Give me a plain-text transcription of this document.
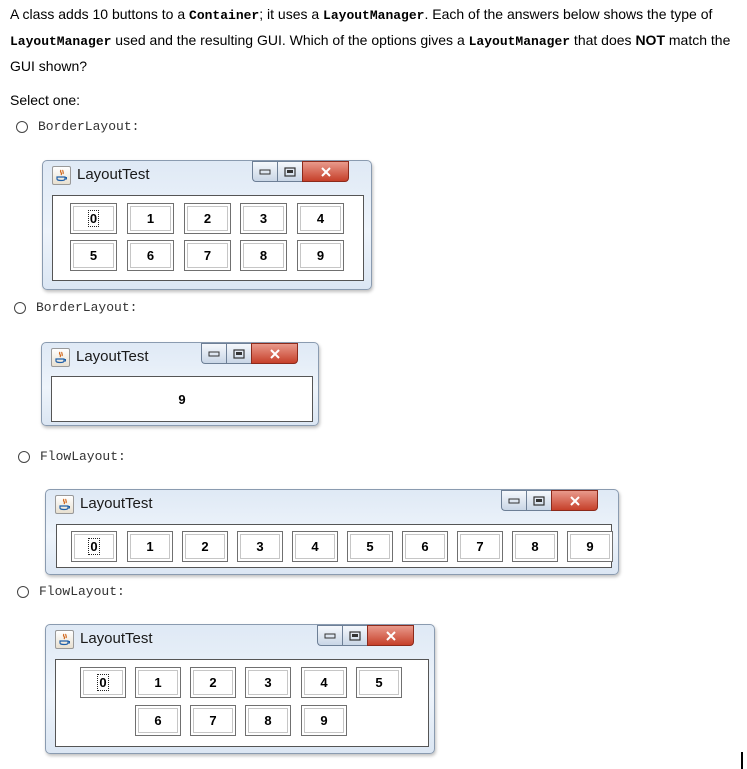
A class adds 10 buttons to a Container; it uses a LayoutManager. Each of the answers below shows the type of LayoutManager used and the resulting GUI. Which of the options gives a LayoutManager that does NOT match the GUI shown?
Select one:
BorderLayout:
LayoutTest
0	1	2	3	4
5	6	7	8	9
BorderLayout:
LayoutTest
9
FlowLayout:
LayoutTest
0	1	2	3	4	5	6	7	8	9
FlowLayout:
LayoutTest
0	1	2	3	4	5
6	7	8	9
